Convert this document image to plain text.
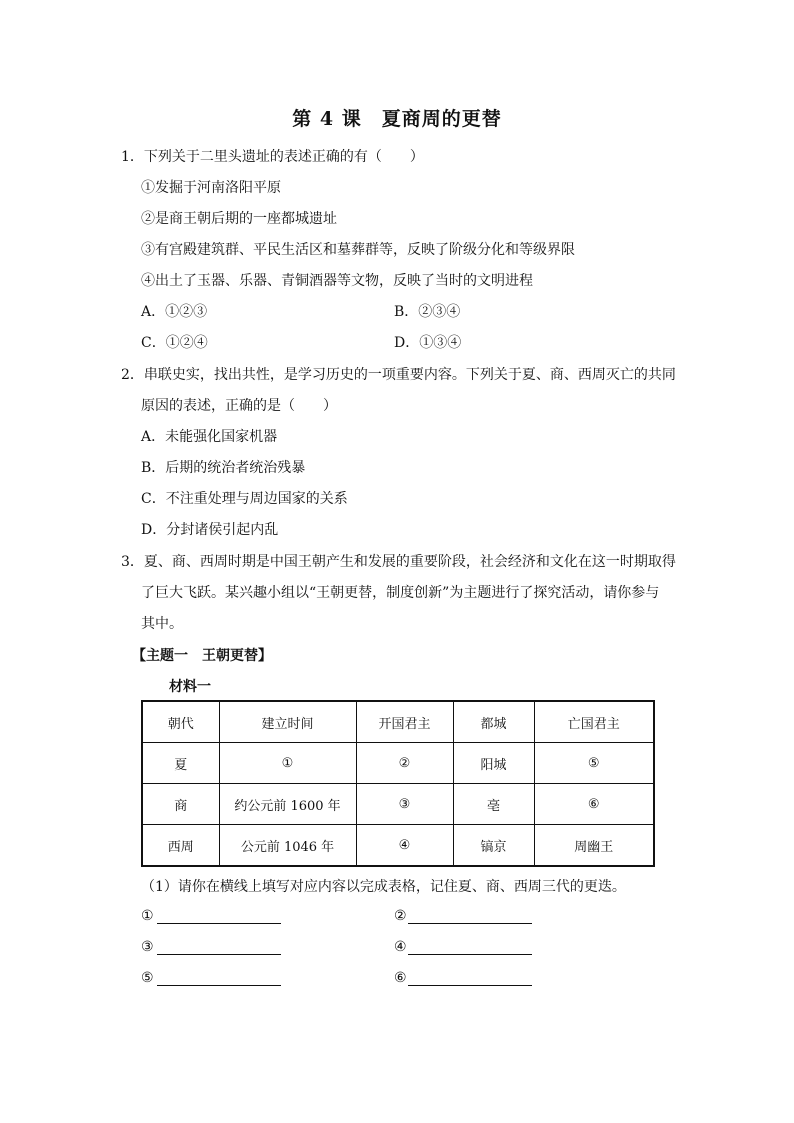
第 4 课　夏商周的更替
1．下列关于二里头遗址的表述正确的有（　　）
①发掘于河南洛阳平原
②是商王朝后期的一座都城遗址
③有宫殿建筑群、平民生活区和墓葬群等，反映了阶级分化和等级界限
④出土了玉器、乐器、青铜酒器等文物，反映了当时的文明进程
A．①②③	B．②③④
C．①②④	D．①③④
2．串联史实，找出共性，是学习历史的一项重要内容。下列关于夏、商、西周灭亡的共同
原因的表述，正确的是（　　）
A．未能强化国家机器
B．后期的统治者统治残暴
C．不注重处理与周边国家的关系
D．分封诸侯引起内乱
3．夏、商、西周时期是中国王朝产生和发展的重要阶段，社会经济和文化在这一时期取得
了巨大飞跃。某兴趣小组以“王朝更替，制度创新”为主题进行了探究活动，请你参与
其中。
【主题一　王朝更替】
材料一
朝代	建立时间	开国君主	都城	亡国君主
夏	①	②	阳城	⑤
商	约公元前 1600 年	③	亳	⑥
西周	公元前 1046 年	④	镐京	周幽王
（1）请你在横线上填写对应内容以完成表格，记住夏、商、西周三代的更迭。
①	②
③	④
⑤	⑥
